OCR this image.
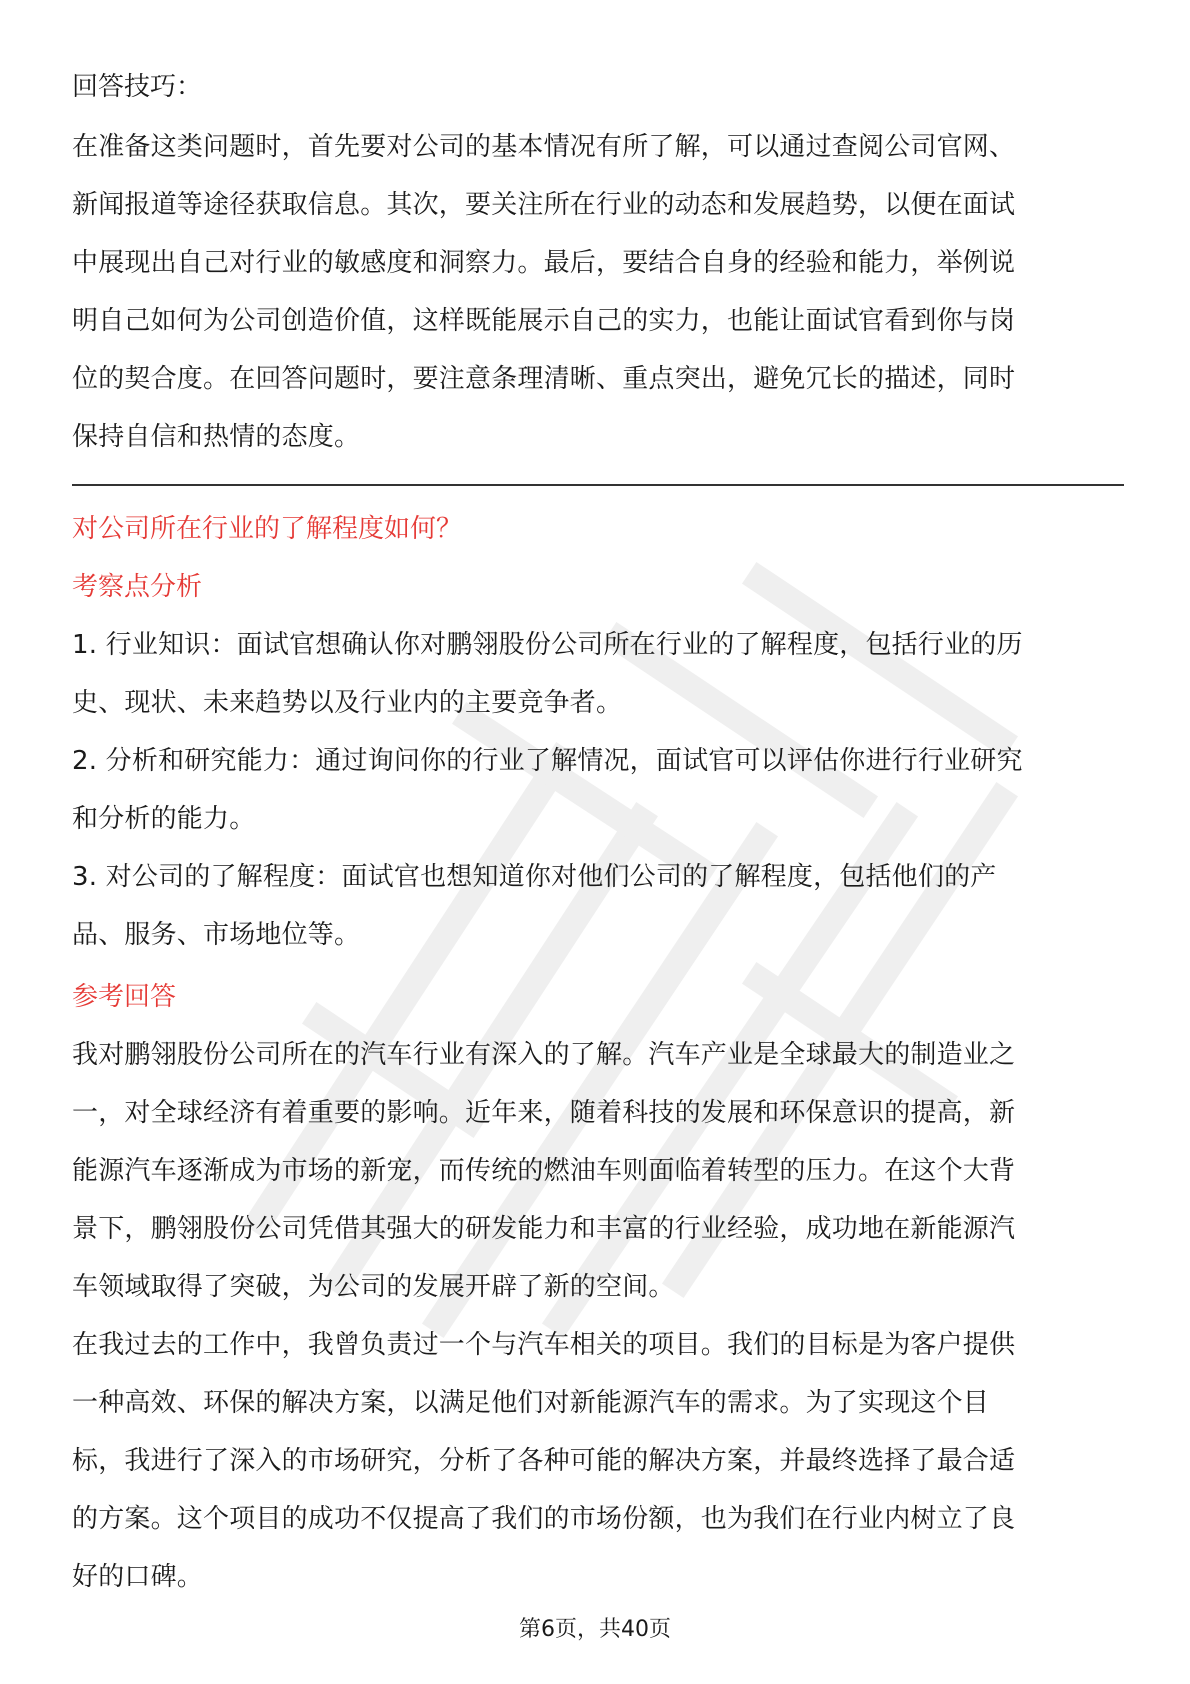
回答技巧：

在准备这类问题时，首先要对公司的基本情况有所了解，可以通过查阅公司官网、

新闻报道等途径获取信息。其次，要关注所在行业的动态和发展趋势，以便在面试

中展现出自己对行业的敏感度和洞察力。最后，要结合自身的经验和能力，举例说

明自己如何为公司创造价值，这样既能展示自己的实力，也能让面试官看到你与岗

位的契合度。在回答问题时，要注意条理清晰、重点突出，避免冗长的描述，同时

保持自信和热情的态度。

对公司所在行业的了解程度如何？
考察点分析

1. 行业知识：面试官想确认你对鹏翎股份公司所在行业的了解程度，包括行业的历

史、现状、未来趋势以及行业内的主要竞争者。

2. 分析和研究能力：通过询问你的行业了解情况，面试官可以评估你进行行业研究

和分析的能力。

3. 对公司的了解程度：面试官也想知道你对他们公司的了解程度，包括他们的产

品、服务、市场地位等。

参考回答

我对鹏翎股份公司所在的汽车行业有深入的了解。汽车产业是全球最大的制造业之

一，对全球经济有着重要的影响。近年来，随着科技的发展和环保意识的提高，新

能源汽车逐渐成为市场的新宠，而传统的燃油车则面临着转型的压力。在这个大背

景下，鹏翎股份公司凭借其强大的研发能力和丰富的行业经验，成功地在新能源汽

车领域取得了突破，为公司的发展开辟了新的空间。

在我过去的工作中，我曾负责过一个与汽车相关的项目。我们的目标是为客户提供

一种高效、环保的解决方案，以满足他们对新能源汽车的需求。为了实现这个目

标，我进行了深入的市场研究，分析了各种可能的解决方案，并最终选择了最合适

的方案。这个项目的成功不仅提高了我们的市场份额，也为我们在行业内树立了良

好的口碑。

第6页，共40页
